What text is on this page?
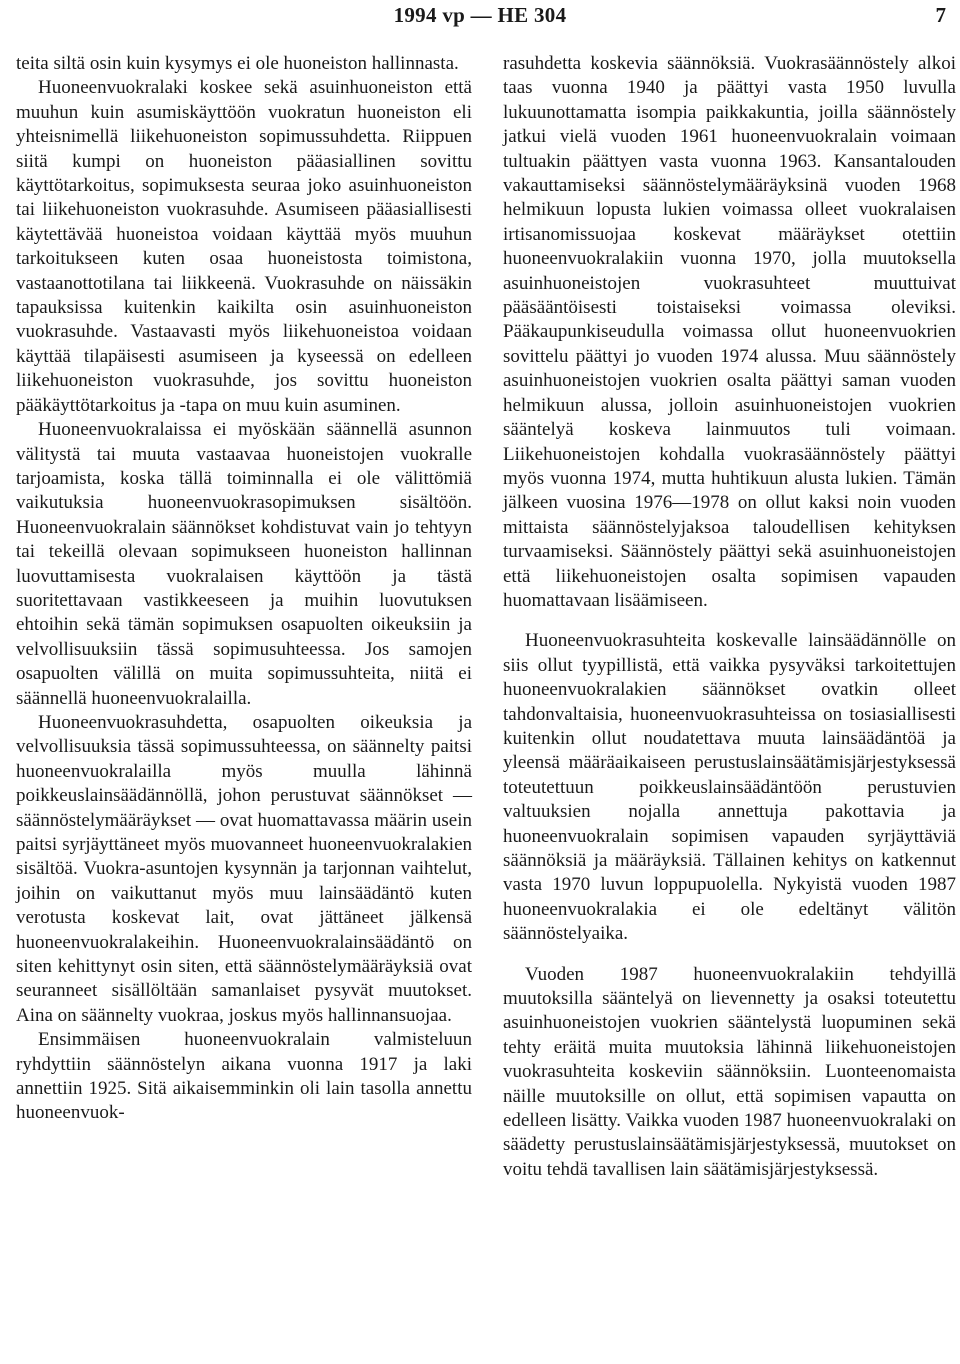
1994 vp — HE 304	7

teita siltä osin kuin kysymys ei ole huoneiston hallinnasta.

Huoneenvuokralaki koskee sekä asuinhuoneiston että muuhun kuin asumiskäyttöön vuokratun huoneiston eli yhteisnimellä liikehuoneiston sopimussuhdetta. Riippuen siitä kumpi on huoneiston pääasiallinen sovittu käyttötarkoitus, sopimuksesta seuraa joko asuinhuoneiston tai liikehuoneiston vuokrasuhde. Asumiseen pääasiallisesti käytettävää huoneistoa voidaan käyttää myös muuhun tarkoitukseen kuten osaa huoneistosta toimistona, vastaanottotilana tai liikkeenä. Vuokrasuhde on näissäkin tapauksissa kuitenkin kaikilta osin asuinhuoneiston vuokrasuhde. Vastaavasti myös liikehuoneistoa voidaan käyttää tilapäisesti asumiseen ja kyseessä on edelleen liikehuoneiston vuokrasuhde, jos sovittu huoneiston pääkäyttötarkoitus ja -tapa on muu kuin asuminen.

Huoneenvuokralaissa ei myöskään säännellä asunnon välitystä tai muuta vastaavaa huoneistojen vuokralle tarjoamista, koska tällä toiminnalla ei ole välittömiä vaikutuksia huoneenvuokrasopimuksen sisältöön. Huoneenvuokralain säännökset kohdistuvat vain jo tehtyyn tai tekeillä olevaan sopimukseen huoneiston hallinnan luovuttamisesta vuokralaisen käyttöön ja tästä suoritettavaan vastikkeeseen ja muihin luovutuksen ehtoihin sekä tämän sopimuksen osapuolten oikeuksiin ja velvollisuuksiin tässä sopimusuhteessa. Jos samojen osapuolten välillä on muita sopimussuhteita, niitä ei säännellä huoneenvuokralailla.

Huoneenvuokrasuhdetta, osapuolten oikeuksia ja velvollisuuksia tässä sopimussuhteessa, on säännelty paitsi huoneenvuokralailla myös muulla lähinnä poikkeuslainsäädännöllä, johon perustuvat säännökset — säännöstelymääräykset — ovat huomattavassa määrin usein paitsi syrjäyttäneet myös muovanneet huoneenvuokralakien sisältöä. Vuokra-asuntojen kysynnän ja tarjonnan vaihtelut, joihin on vaikuttanut myös muu lainsäädäntö kuten verotusta koskevat lait, ovat jättäneet jälkensä huoneenvuokralakeihin. Huoneenvuokralainsäädäntö on siten kehittynyt osin siten, että säännöstelymääräyksiä ovat seuranneet sisällöltään samanlaiset pysyvät muutokset. Aina on säännelty vuokraa, joskus myös hallinnansuojaa.

Ensimmäisen huoneenvuokralain valmisteluun ryhdyttiin säännöstelyn aikana vuonna 1917 ja laki annettiin 1925. Sitä aikaisemminkin oli lain tasolla annettu huoneenvuok-

rasuhdetta koskevia säännöksiä. Vuokrasäännöstely alkoi taas vuonna 1940 ja päättyi vasta 1950 luvulla lukuunottamatta isompia paikkakuntia, joilla säännöstely jatkui vielä vuoden 1961 huoneenvuokralain voimaan tultuakin päättyen vasta vuonna 1963. Kansantalouden vakauttamiseksi säännöstelymääräyksinä vuoden 1968 helmikuun lopusta lukien voimassa olleet vuokralaisen irtisanomissuojaa koskevat määräykset otettiin huoneenvuokralakiin vuonna 1970, jolla muutoksella asuinhuoneistojen vuokrasuhteet muuttuivat pääsääntöisesti toistaiseksi voimassa oleviksi. Pääkaupunkiseudulla voimassa ollut huoneenvuokrien sovittelu päättyi jo vuoden 1974 alussa. Muu säännöstely asuinhuoneistojen vuokrien osalta päättyi saman vuoden helmikuun alussa, jolloin asuinhuoneistojen vuokrien sääntelyä koskeva lainmuutos tuli voimaan. Liikehuoneistojen kohdalla vuokrasäännöstely päättyi myös vuonna 1974, mutta huhtikuun alusta lukien. Tämän jälkeen vuosina 1976—1978 on ollut kaksi noin vuoden mittaista säännöstelyjaksoa taloudellisen kehityksen turvaamiseksi. Säännöstely päättyi sekä asuinhuoneistojen että liikehuoneistojen osalta sopimisen vapauden huomattavaan lisäämiseen.

Huoneenvuokrasuhteita koskevalle lainsäädännölle on siis ollut tyypillistä, että vaikka pysyväksi tarkoitettujen huoneenvuokralakien säännökset ovatkin olleet tahdonvaltaisia, huoneenvuokrasuhteissa on tosiasiallisesti kuitenkin ollut noudatettava muuta lainsäädäntöä ja yleensä määräaikaiseen perustuslainsäätämisjärjestyksessä toteutettuun poikkeuslainsäädäntöön perustuvien valtuuksien nojalla annettuja pakottavia ja huoneenvuokralain sopimisen vapauden syrjäyttäviä säännöksiä ja määräyksiä. Tällainen kehitys on katkennut vasta 1970 luvun loppupuolella. Nykyistä vuoden 1987 huoneenvuokralakia ei ole edeltänyt välitön säännöstelyaika.

Vuoden 1987 huoneenvuokralakiin tehdyillä muutoksilla sääntelyä on lievennetty ja osaksi toteutettu asuinhuoneistojen vuokrien sääntelystä luopuminen sekä tehty eräitä muita muutoksia lähinnä liikehuoneistojen vuokrasuhteita koskeviin säännöksiin. Luonteenomaista näille muutoksille on ollut, että sopimisen vapautta on edelleen lisätty. Vaikka vuoden 1987 huoneenvuokralaki on säädetty perustuslainsäätämisjärjestyksessä, muutokset on voitu tehdä tavallisen lain säätämisjärjestyksessä.
